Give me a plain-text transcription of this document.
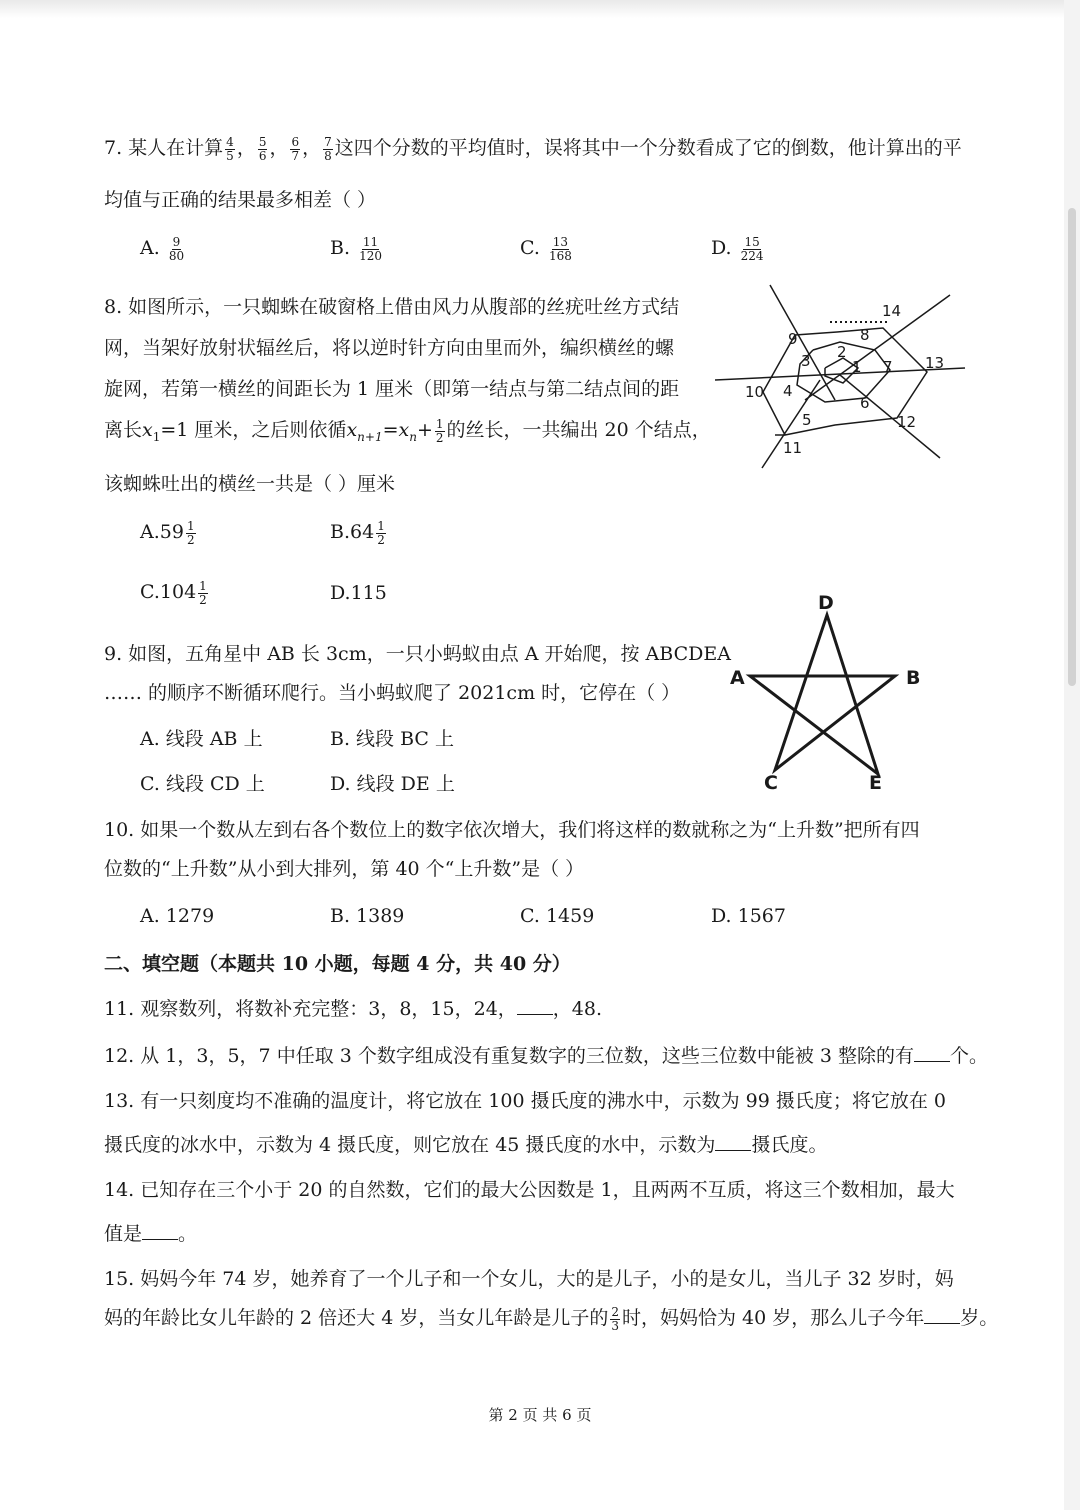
7. 某人在计算 $\frac{4}{5}$ ， $\frac{5}{6}$ ， $\frac{6}{7}$ ， $\frac{7}{8}$ 这四个分数的平均值时，误将其中一个分数看成了它的倒数，他计算出的平
均值与正确的结果最多相差（ ）
A. $\frac{9}{80}$	B. $\frac{11}{120}$	C. $\frac{13}{168}$	D. $\frac{15}{224}$
8. 如图所示，一只蜘蛛在破窗格上借由风力从腹部的丝疣吐丝方式结
网，当架好放射状辐丝后，将以逆时针方向由里而外，编织横丝的螺
旋网，若第一横丝的间距长为 1 厘米（即第一结点与第二结点间的距
离长$x_1=1$ 厘米，之后则依循$x_{n+1}=x_n+ \frac{1}{2}$ 的丝长，一共编出 20 个结点，
该蜘蛛吐出的横丝一共是（ ）厘米
$A.59 \frac{1}{2}$	$B.64 \frac{1}{2}$
$C.104 \frac{1}{2}$	D.115
1
2
3
4
5
6
7
8
9
10
11
12
13
14
9. 如图，五角星中 AB 长 3cm，一只小蚂蚁由点 A 开始爬，按 ABCDEA
…… 的顺序不断循环爬行。当小蚂蚁爬了 2021cm 时，它停在（ ）
A. 线段 AB 上	B. 线段 BC 上
C. 线段 CD 上	D. 线段 DE 上
D
A	B
C	E
10. 如果一个数从左到右各个数位上的数字依次增大，我们将这样的数就称之为“上升数”把所有四
位数的“上升数”从小到大排列，第 40 个“上升数”是（ ）
A. 1279	B. 1389	C. 1459	D. 1567
二、填空题（本题共 10 小题，每题 4 分，共 40 分）
11. 观察数列，将数补充完整：3，8，15，24， ，48.
12. 从 1，3，5，7 中任取 3 个数字组成没有重复数字的三位数，这些三位数中能被 3 整除的有 个。
13. 有一只刻度均不准确的温度计，将它放在 100 摄氏度的沸水中，示数为 99 摄氏度；将它放在 0
摄氏度的冰水中，示数为 4 摄氏度，则它放在 45 摄氏度的水中，示数为 摄氏度。
14. 已知存在三个小于 20 的自然数，它们的最大公因数是 1，且两两不互质，将这三个数相加，最大
值是 。
15. 妈妈今年 74 岁，她养育了一个儿子和一个女儿，大的是儿子，小的是女儿，当儿子 32 岁时，妈
妈的年龄比女儿年龄的 2 倍还大 4 岁，当女儿年龄是儿子的 $\frac{2}{3}$ 时，妈妈恰为 40 岁，那么儿子今年 岁。
第 2 页 共 6 页
